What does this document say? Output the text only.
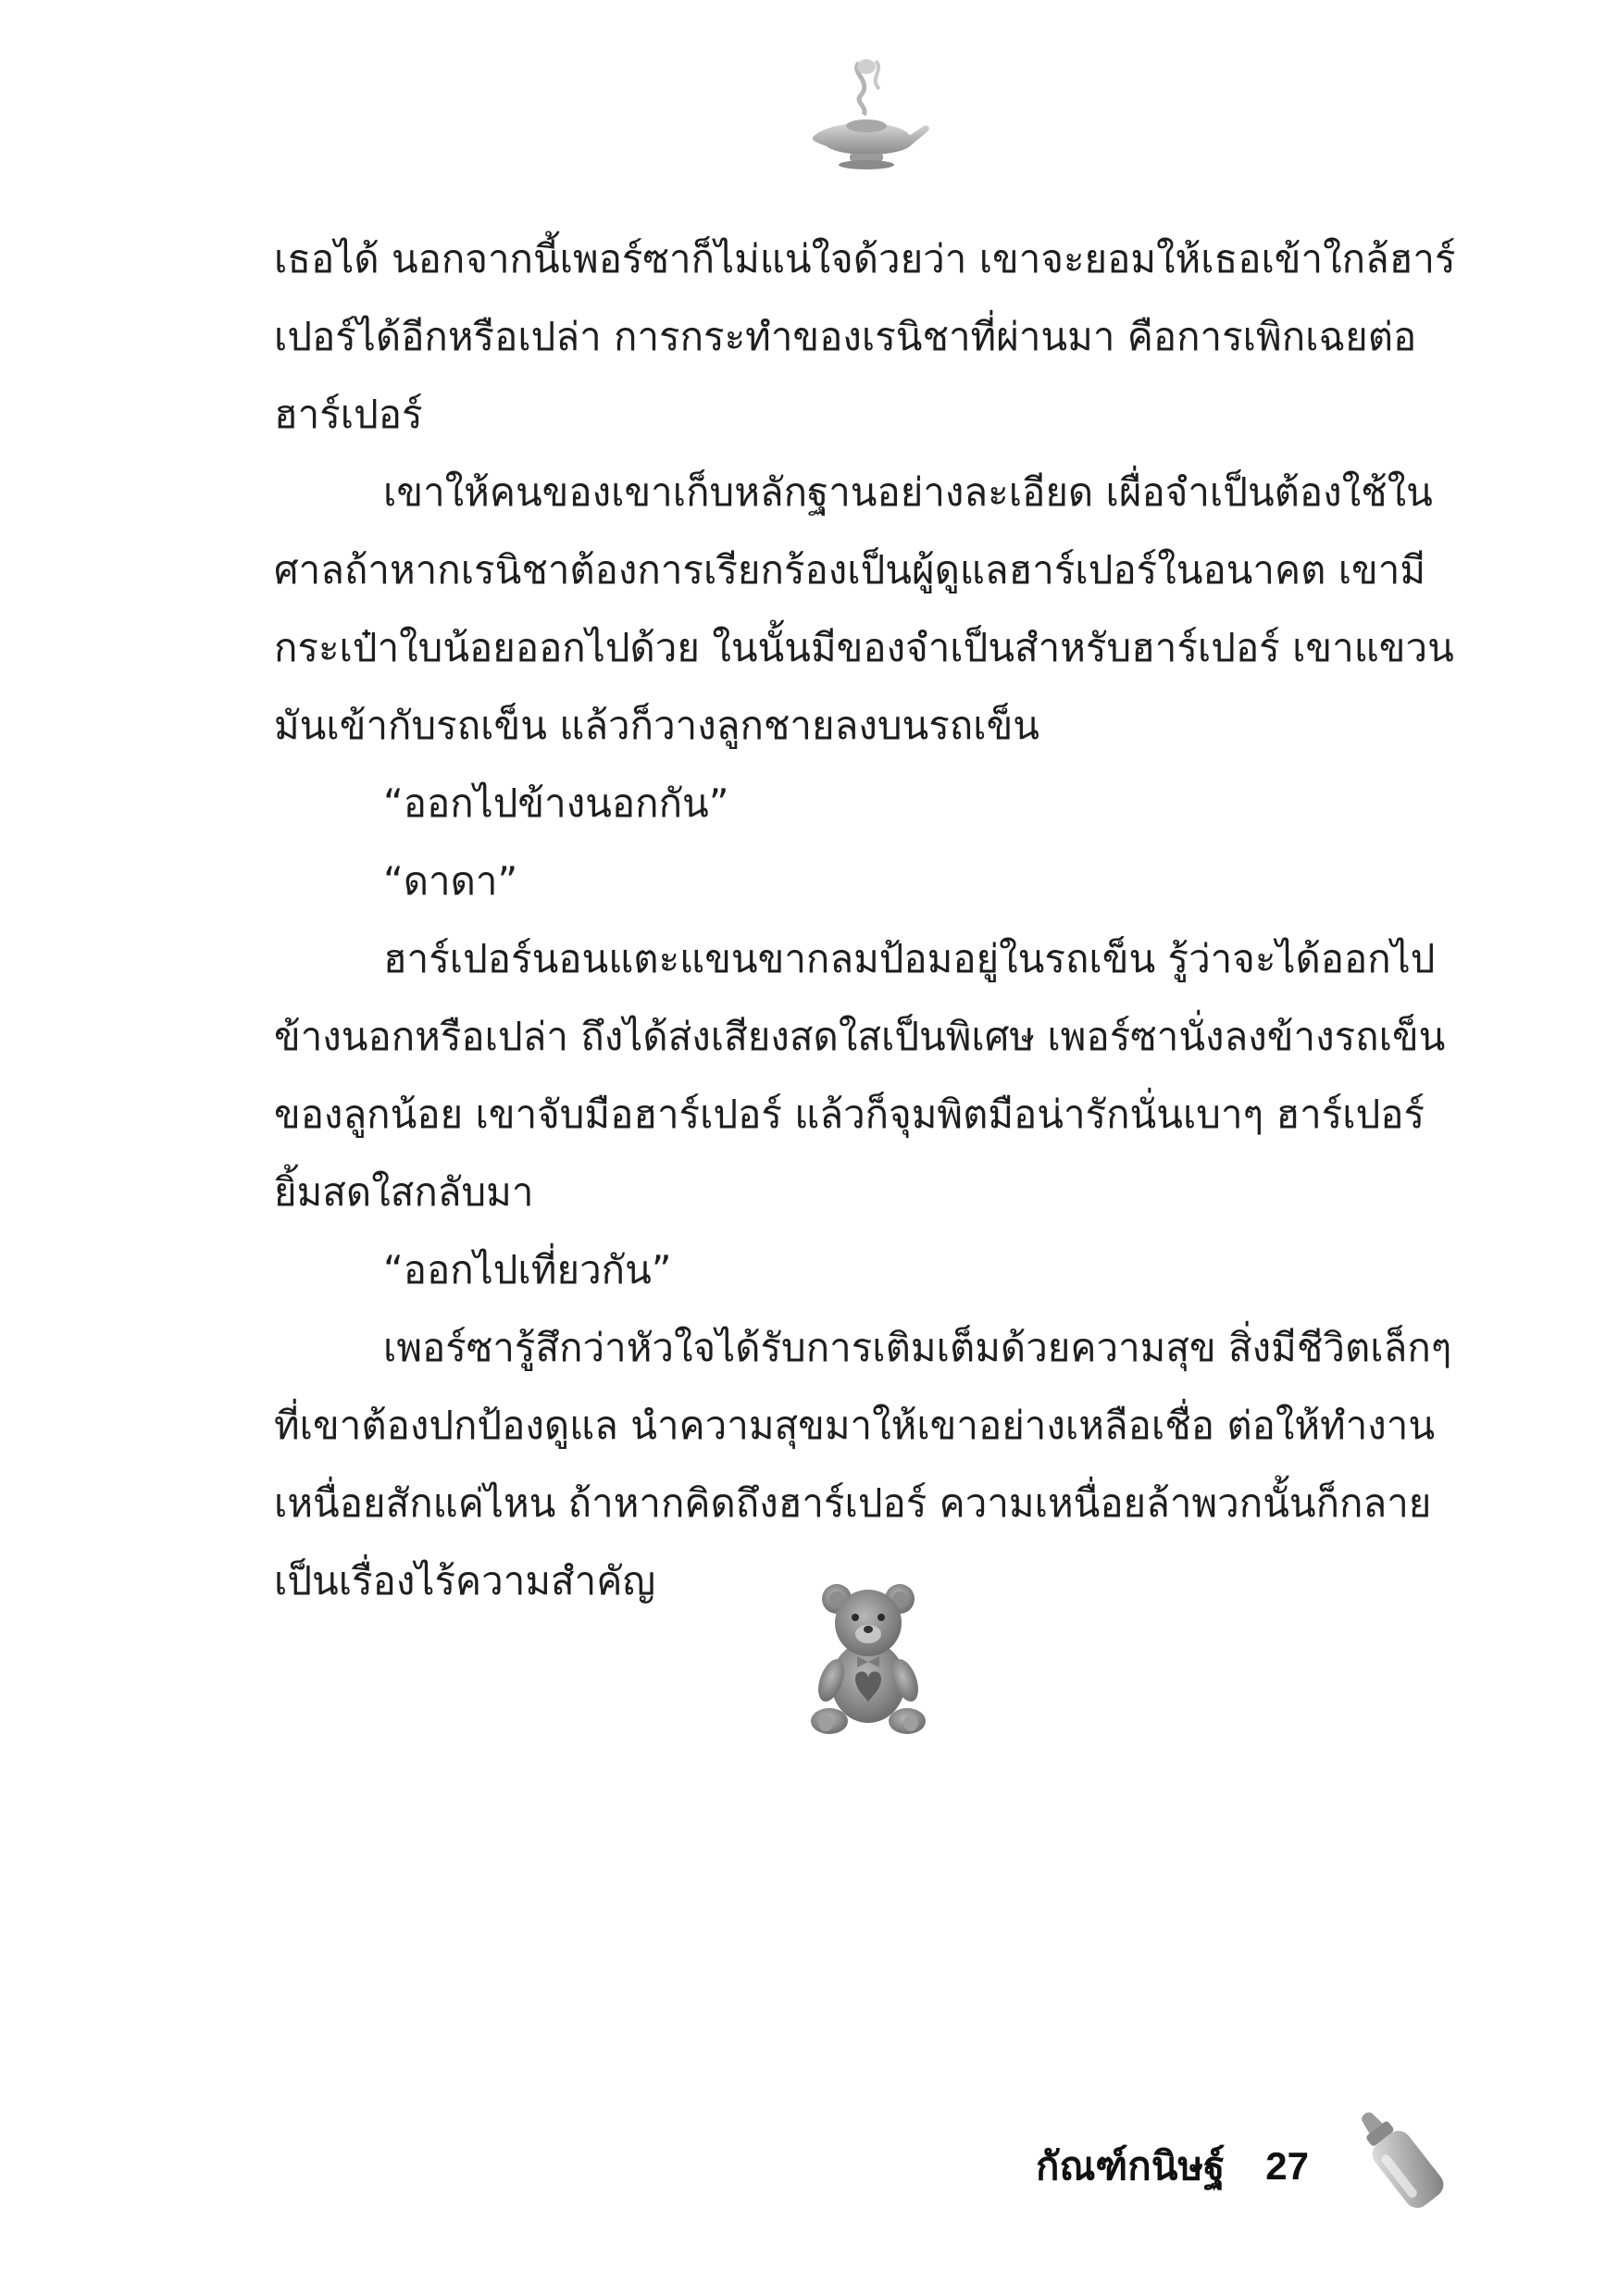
เธอได้ นอกจากนี้เพอร์ซาก็ไม่แน่ใจด้วยว่า เขาจะยอมให้เธอเข้าใกล้ฮาร์เปอร์ได้อีกหรือเปล่า การกระทำของเรนิชาที่ผ่านมา คือการเพิกเฉยต่อฮาร์เปอร์

เขาให้คนของเขาเก็บหลักฐานอย่างละเอียด เผื่อจำเป็นต้องใช้ในศาลถ้าหากเรนิชาต้องการเรียกร้องเป็นผู้ดูแลฮาร์เปอร์ในอนาคต เขามีกระเป๋าใบน้อยออกไปด้วย ในนั้นมีของจำเป็นสำหรับฮาร์เปอร์ เขาแขวนมันเข้ากับรถเข็น แล้วก็วางลูกชายลงบนรถเข็น

“ออกไปข้างนอกกัน”

“ดาดา”

ฮาร์เปอร์นอนแตะแขนขากลมป้อมอยู่ในรถเข็น รู้ว่าจะได้ออกไปข้างนอกหรือเปล่า ถึงได้ส่งเสียงสดใสเป็นพิเศษ เพอร์ซานั่งลงข้างรถเข็นของลูกน้อย เขาจับมือฮาร์เปอร์ แล้วก็จุมพิตมือน่ารักนั่นเบาๆ ฮาร์เปอร์ยิ้มสดใสกลับมา

“ออกไปเที่ยวกัน”

เพอร์ซารู้สึกว่าหัวใจได้รับการเติมเต็มด้วยความสุข สิ่งมีชีวิตเล็กๆที่เขาต้องปกป้องดูแล นำความสุขมาให้เขาอย่างเหลือเชื่อ ต่อให้ทำงานเหนื่อยสักแค่ไหน ถ้าหากคิดถึงฮาร์เปอร์ ความเหนื่อยล้าพวกนั้นก็กลายเป็นเรื่องไร้ความสำคัญ

กัณฑ์กนิษฐ์ 27
